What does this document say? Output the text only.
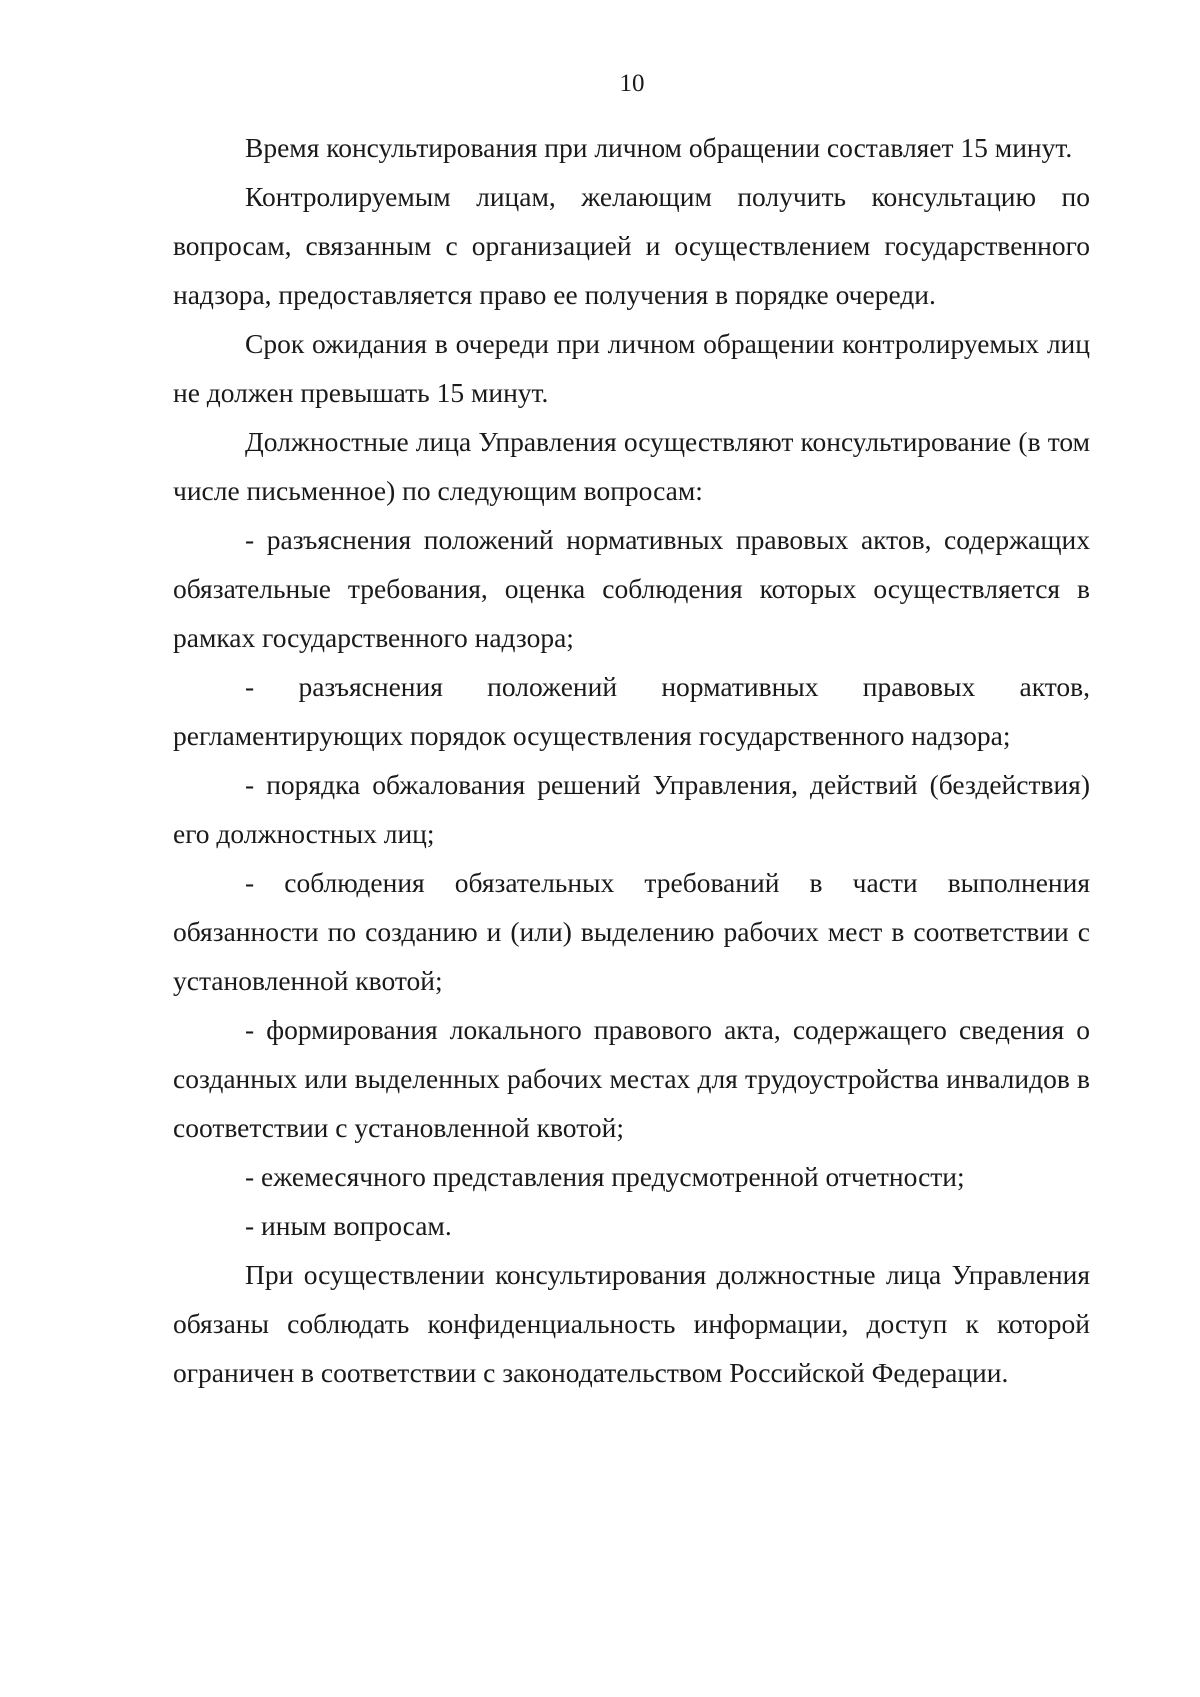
10

Время консультирования при личном обращении составляет 15 минут.

Контролируемым лицам, желающим получить консультацию по вопросам, связанным с организацией и осуществлением государственного надзора, предоставляется право ее получения в порядке очереди.

Срок ожидания в очереди при личном обращении контролируемых лиц не должен превышать 15 минут.

Должностные лица Управления осуществляют консультирование (в том числе письменное) по следующим вопросам:

- разъяснения положений нормативных правовых актов, содержащих обязательные требования, оценка соблюдения которых осуществляется в рамках государственного надзора;

- разъяснения положений нормативных правовых актов, регламентирующих порядок осуществления государственного надзора;

- порядка обжалования решений Управления, действий (бездействия) его должностных лиц;

- соблюдения обязательных требований в части выполнения обязанности по созданию и (или) выделению рабочих мест в соответствии с установленной квотой;

- формирования локального правового акта, содержащего сведения о созданных или выделенных рабочих местах для трудоустройства инвалидов в соответствии с установленной квотой;

- ежемесячного представления предусмотренной отчетности;

- иным вопросам.

При осуществлении консультирования должностные лица Управления обязаны соблюдать конфиденциальность информации, доступ к которой ограничен в соответствии с законодательством Российской Федерации.
